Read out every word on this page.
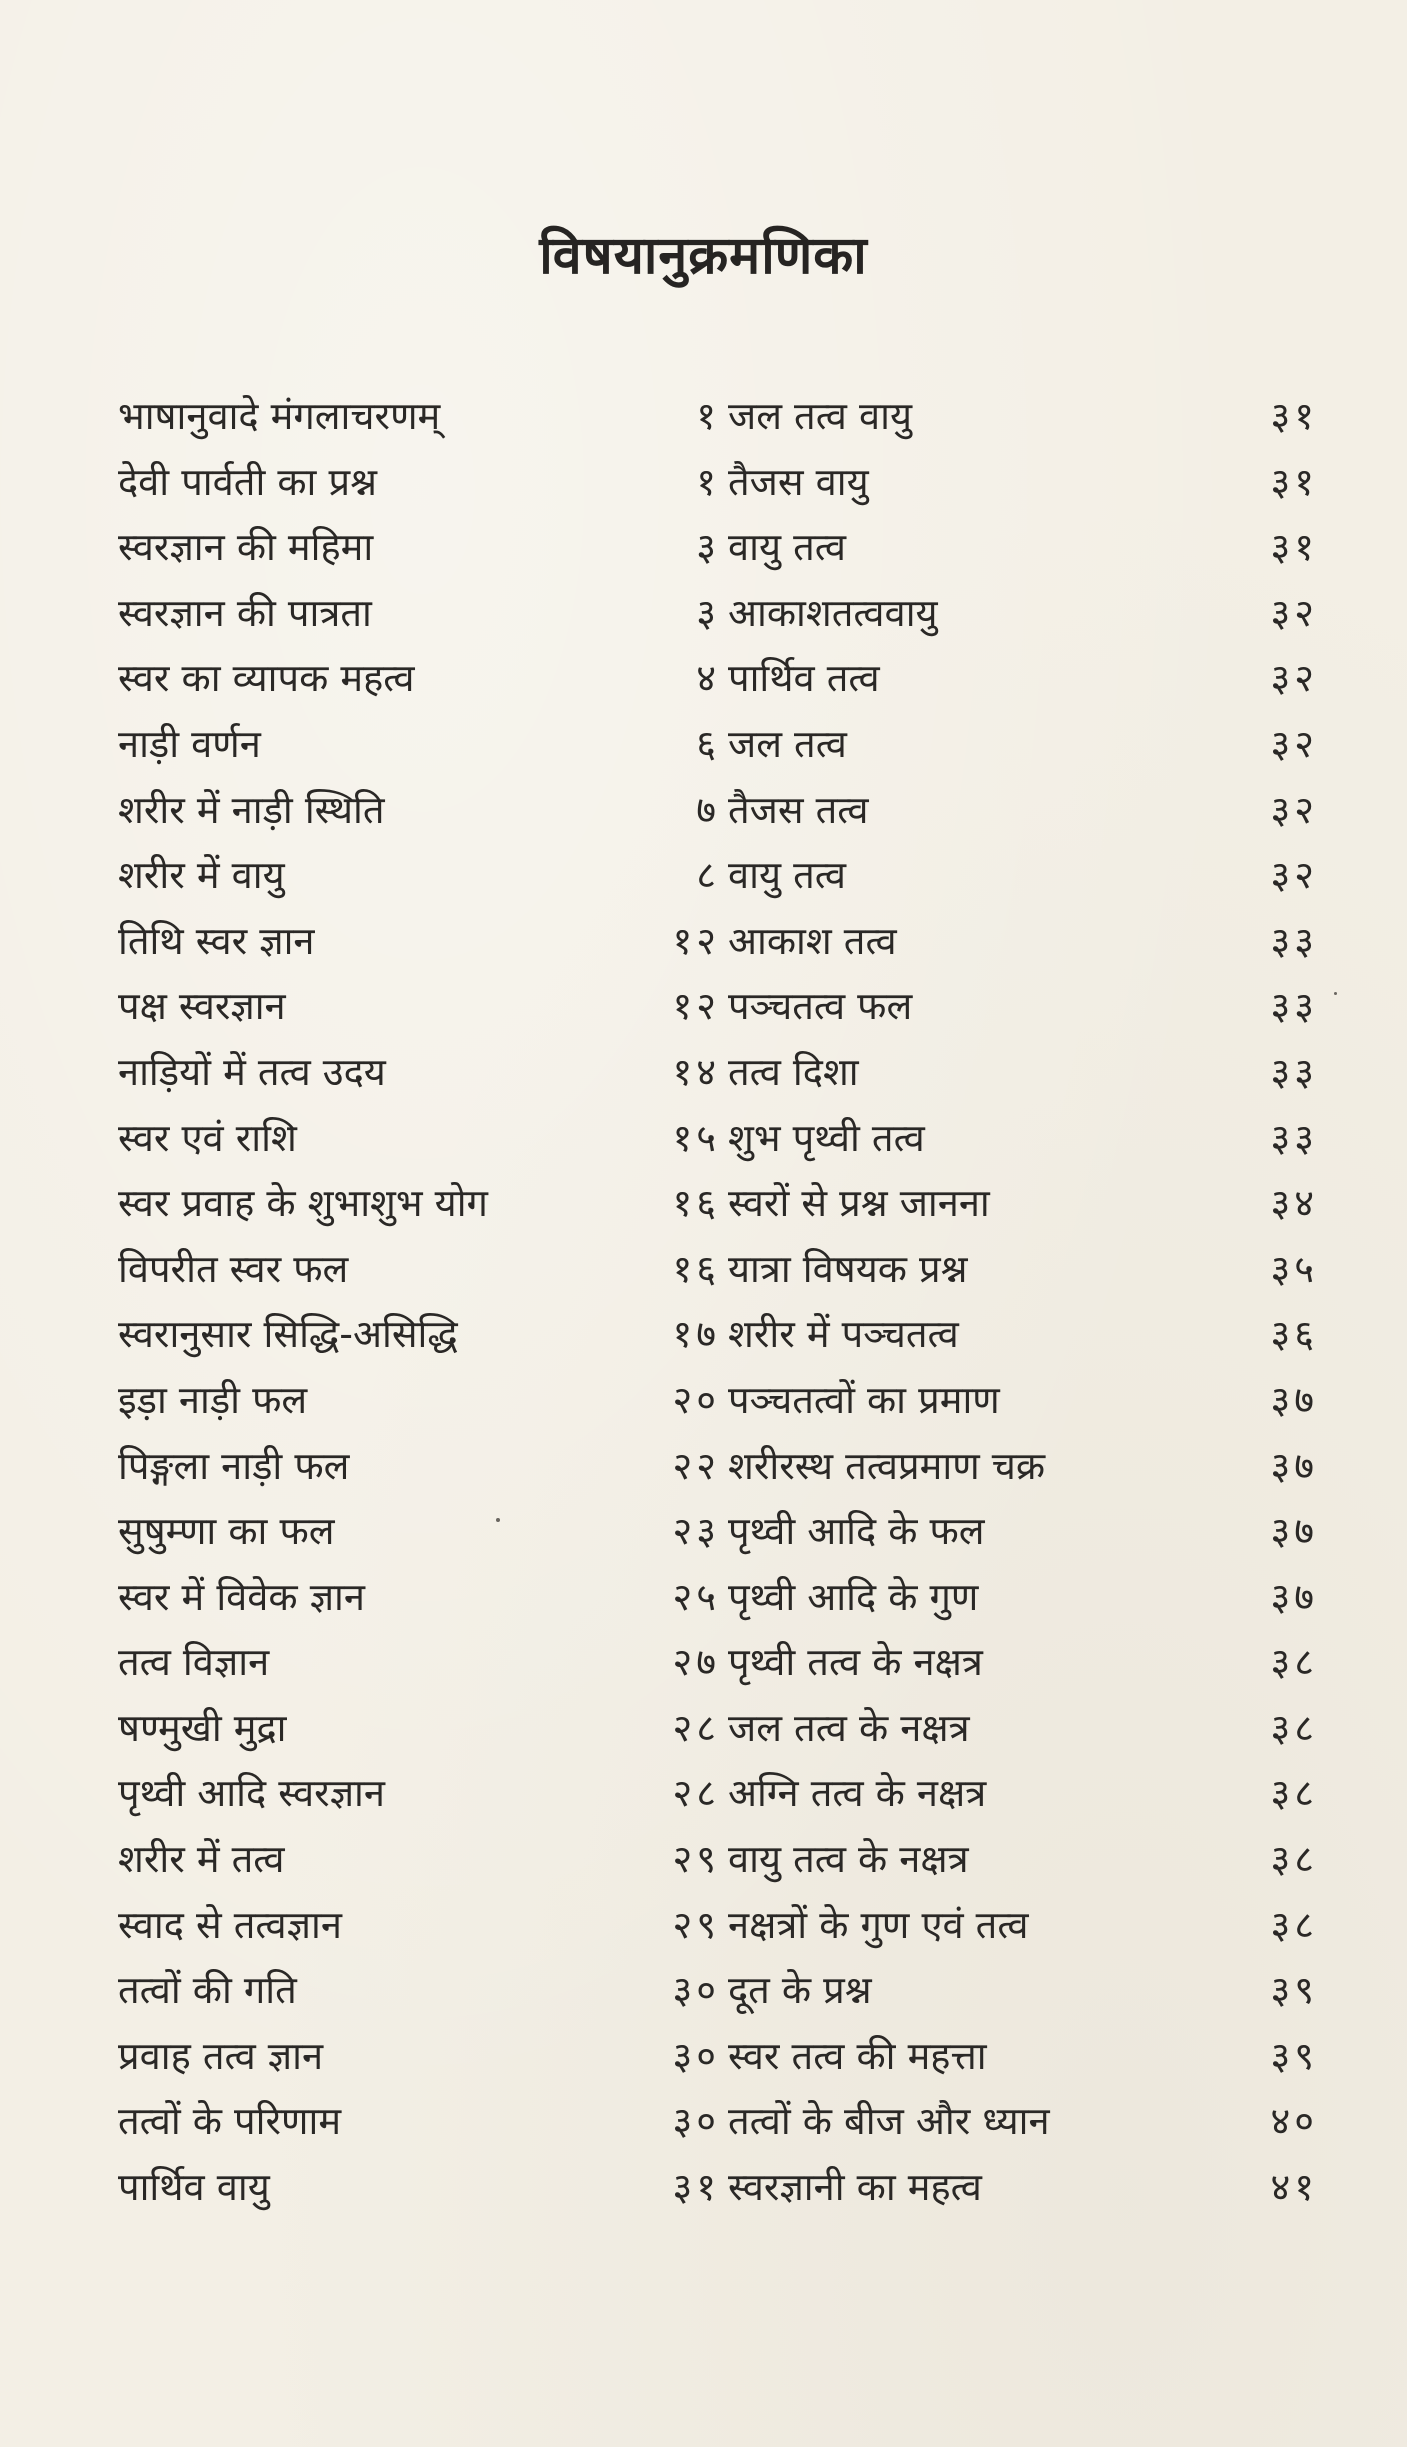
विषयानुक्रमणिका
भाषानुवादे मंगलाचरणम्	१
देवी पार्वती का प्रश्न	१
स्वरज्ञान की महिमा	३
स्वरज्ञान की पात्रता	३
स्वर का व्यापक महत्व	४
नाड़ी वर्णन	६
शरीर में नाड़ी स्थिति	७
शरीर में वायु	८
तिथि स्वर ज्ञान	१२
पक्ष स्वरज्ञान	१२
नाड़ियों में तत्व उदय	१४
स्वर एवं राशि	१५
स्वर प्रवाह के शुभाशुभ योग	१६
विपरीत स्वर फल	१६
स्वरानुसार सिद्धि-असिद्धि	१७
इड़ा नाड़ी फल	२०
पिङ्गला नाड़ी फल	२२
सुषुम्णा का फल	२३
स्वर में विवेक ज्ञान	२५
तत्व विज्ञान	२७
षण्मुखी मुद्रा	२८
पृथ्वी आदि स्वरज्ञान	२८
शरीर में तत्व	२९
स्वाद से तत्वज्ञान	२९
तत्वों की गति	३०
प्रवाह तत्व ज्ञान	३०
तत्वों के परिणाम	३०
पार्थिव वायु	३१
जल तत्व वायु	३१
तैजस वायु	३१
वायु तत्व	३१
आकाशतत्ववायु	३२
पार्थिव तत्व	३२
जल तत्व	३२
तैजस तत्व	३२
वायु तत्व	३२
आकाश तत्व	३३
पञ्चतत्व फल	३३
तत्व दिशा	३३
शुभ पृथ्वी तत्व	३३
स्वरों से प्रश्न जानना	३४
यात्रा विषयक प्रश्न	३५
शरीर में पञ्चतत्व	३६
पञ्चतत्वों का प्रमाण	३७
शरीरस्थ तत्वप्रमाण चक्र	३७
पृथ्वी आदि के फल	३७
पृथ्वी आदि के गुण	३७
पृथ्वी तत्व के नक्षत्र	३८
जल तत्व के नक्षत्र	३८
अग्नि तत्व के नक्षत्र	३८
वायु तत्व के नक्षत्र	३८
नक्षत्रों के गुण एवं तत्व	३८
दूत के प्रश्न	३९
स्वर तत्व की महत्ता	३९
तत्वों के बीज और ध्यान	४०
स्वरज्ञानी का महत्व	४१
